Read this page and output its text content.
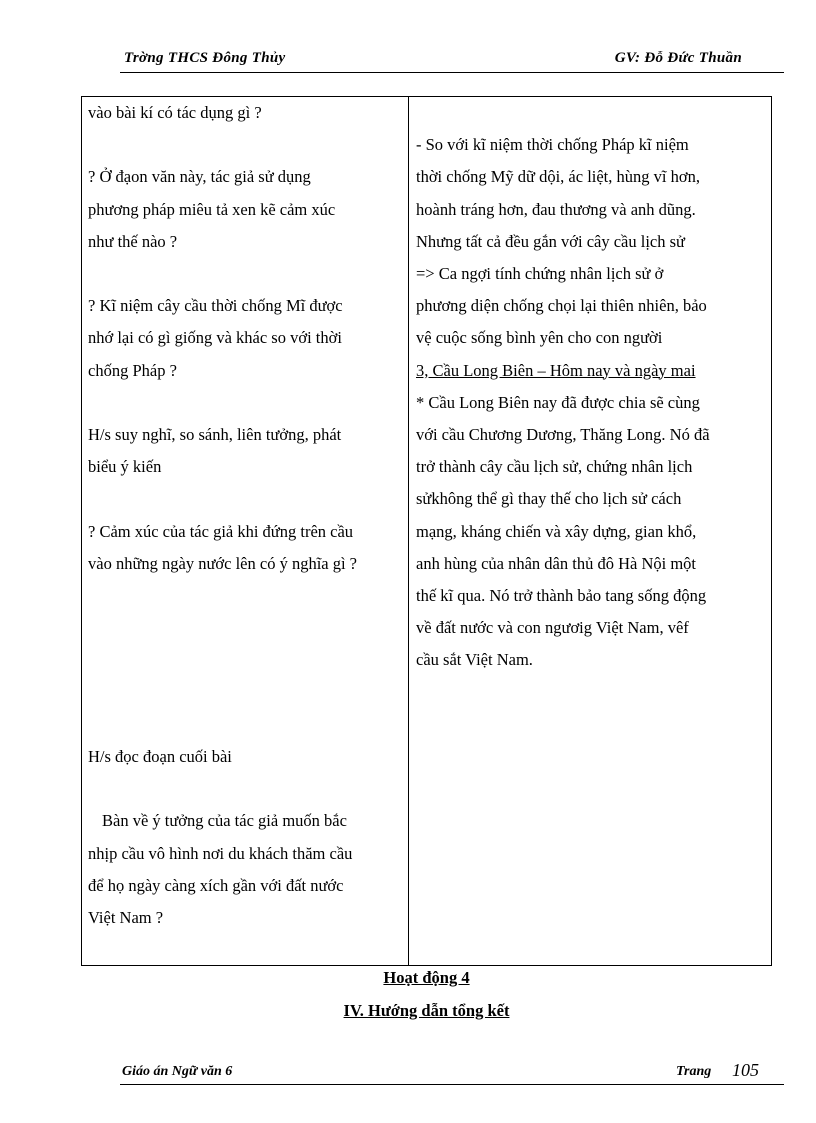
Trờng THCS Đông Thủy	GV: Đỗ Đức Thuần

vào bài kí có tác dụng gì ?

? Ở đạon văn này, tác giả sử dụng

phương pháp miêu tả xen kẽ cảm xúc

như thế nào ?

? Kĩ niệm cây cầu thời chống Mĩ được

nhớ lại có gì giống và khác so với thời

chống Pháp ?

H/s suy nghĩ, so sánh, liên tưởng, phát

biểu ý kiến

? Cảm xúc của tác giả khi đứng trên cầu

vào những ngày nước lên có ý nghĩa gì ?

H/s đọc đoạn cuối bài

Bàn về ý tưởng của tác giả muốn bắc

nhịp cầu vô hình nơi du khách thăm cầu

để họ ngày càng xích gần với đất nước

Việt Nam ?

- So với kĩ niệm thời chống Pháp kĩ niệm

thời chống Mỹ dữ dội, ác liệt, hùng vĩ hơn,

hoành tráng hơn, đau thương và anh dũng.

Nhưng tất cả đều gắn với cây cầu lịch sử

=> Ca ngợi tính chứng nhân lịch sử ở

phương diện chống chọi lại thiên nhiên, bảo

vệ cuộc sống bình yên cho con người

3, Cầu Long Biên – Hôm nay và ngày mai

* Cầu Long Biên nay đã được chia sẽ cùng

với cầu Chương Dương, Thăng Long. Nó đã

trở thành cây cầu lịch sử, chứng nhân lịch

sửkhông thể gì thay thế cho lịch sử cách

mạng, kháng chiến và xây dựng, gian khổ,

anh hùng của nhân dân thủ đô Hà Nội một

thế kĩ qua. Nó trở thành bảo tang sống động

về đất nước và con ngươig Việt Nam, vêf

cầu sắt Việt Nam.

Hoạt động 4
IV. Hướng dẫn tổng kết
Giáo án Ngữ văn 6	Trang 105
